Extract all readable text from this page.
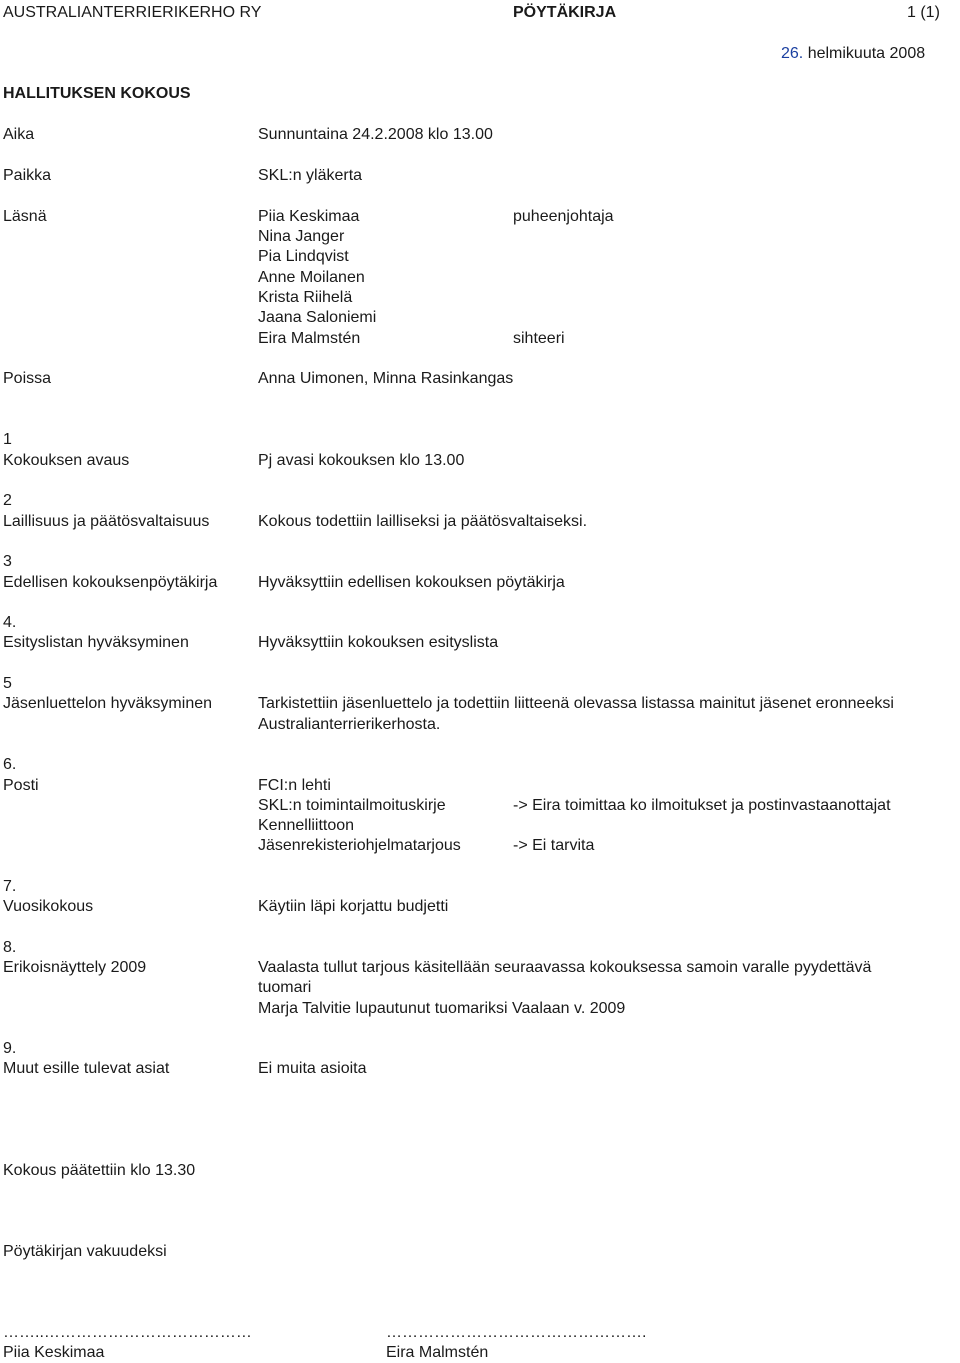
AUSTRALIANTERRIERIKERHO RY	PÖYTÄKIRJA	1 (1)
26. helmikuuta 2008
HALLITUKSEN KOKOUS
Aika	Sunnuntaina 24.2.2008 klo 13.00
Paikka	SKL:n yläkerta
Läsnä	Piia Keskimaa	puheenjohtaja
Nina Janger
Pia Lindqvist
Anne Moilanen
Krista Riihelä
Jaana Saloniemi
Eira Malmstén	sihteeri
Poissa	Anna Uimonen, Minna Rasinkangas
1
Kokouksen avaus	Pj avasi kokouksen klo 13.00
2
Laillisuus ja päätösvaltaisuus	Kokous todettiin lailliseksi ja päätösvaltaiseksi.
3
Edellisen kokouksenpöytäkirja	Hyväksyttiin edellisen kokouksen pöytäkirja
4.
Esityslistan hyväksyminen	Hyväksyttiin kokouksen esityslista
5
Jäsenluettelon hyväksyminen	Tarkistettiin jäsenluettelo ja todettiin liitteenä olevassa listassa mainitut jäsenet eronneeksi
Australianterrierikerhosta.
6.
Posti	FCI:n lehti
SKL:n toimintailmoituskirje	-> Eira toimittaa ko ilmoitukset ja postinvastaanottajat
Kennelliittoon
Jäsenrekisteriohjelmatarjous	-> Ei tarvita
7.
Vuosikokous	Käytiin läpi korjattu budjetti
8.
Erikoisnäyttely 2009	Vaalasta tullut tarjous käsitellään seuraavassa kokouksessa samoin varalle pyydettävä
tuomari
Marja Talvitie lupautunut tuomariksi Vaalaan v. 2009
9.
Muut esille tulevat asiat	Ei muita asioita
Kokous päätettiin klo 13.30
Pöytäkirjan vakuudeksi
……..…………………………………
Piia Keskimaa
………………………………………….
Eira Malmstén
